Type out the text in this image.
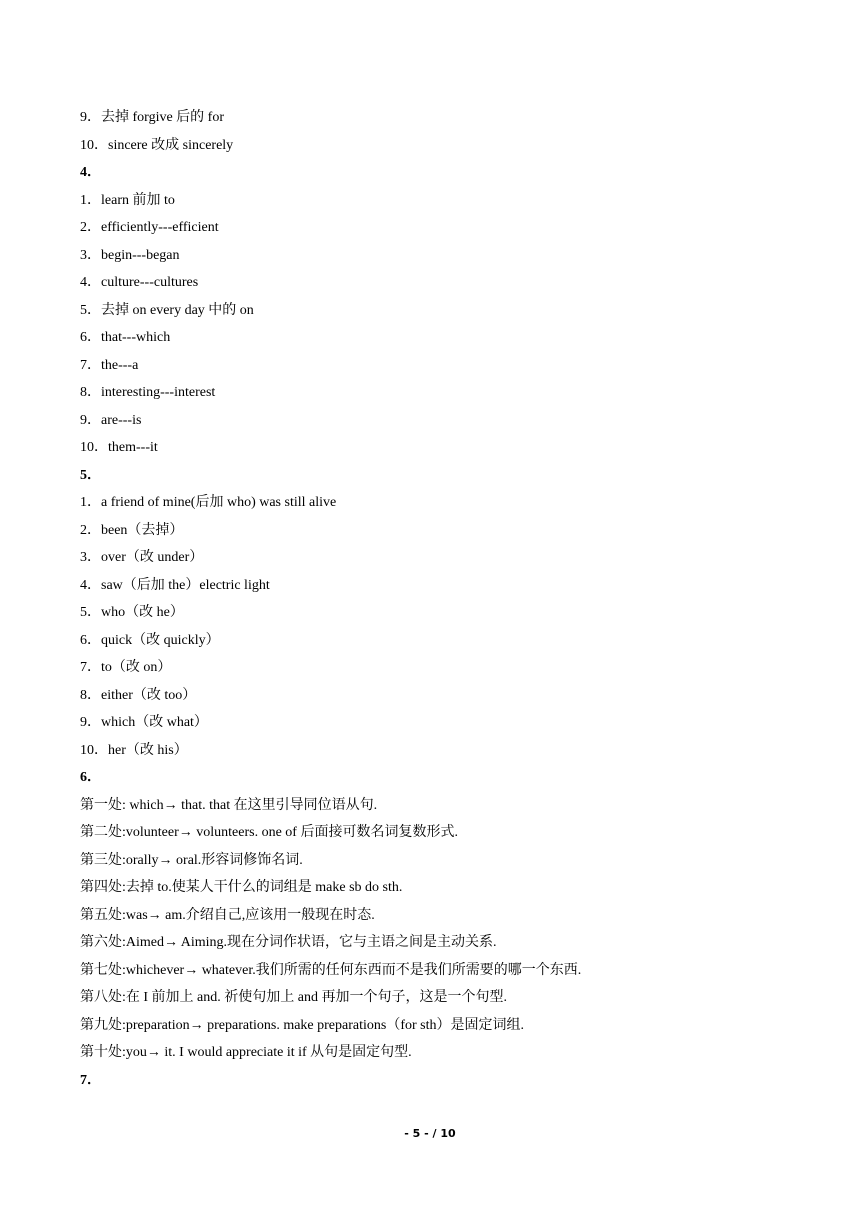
9．去掉 forgive 后的 for
10．sincere 改成 sincerely
4．
1．learn 前加 to
2．efficiently---efficient
3．begin---began
4．culture---cultures
5．去掉 on every day 中的 on
6．that---which
7．the---a
8．interesting---interest
9．are---is
10．them---it
5．
1．a friend of mine(后加 who) was still alive
2．been（去掉）
3．over（改 under）
4．saw（后加 the）electric light
5．who（改 he）
6．quick（改 quickly）
7．to（改 on）
8．either（改 too）
9．which（改 what）
10．her（改 his）
6．
第一处: which→ that. that 在这里引导同位语从句.
第二处:volunteer→ volunteers. one of 后面接可数名词复数形式.
第三处:orally→ oral.形容词修饰名词.
第四处:去掉 to.使某人干什么的词组是 make sb do sth.
第五处:was→ am.介绍自己,应该用一般现在时态.
第六处:Aimed→ Aiming.现在分词作状语，它与主语之间是主动关系.
第七处:whichever→ whatever.我们所需的任何东西而不是我们所需要的哪一个东西.
第八处:在 I 前加上 and. 祈使句加上 and 再加一个句子，这是一个句型.
第九处:preparation→ preparations. make preparations（for sth）是固定词组.
第十处:you→ it. I would appreciate it if 从句是固定句型.
7．
- 5 - / 10
